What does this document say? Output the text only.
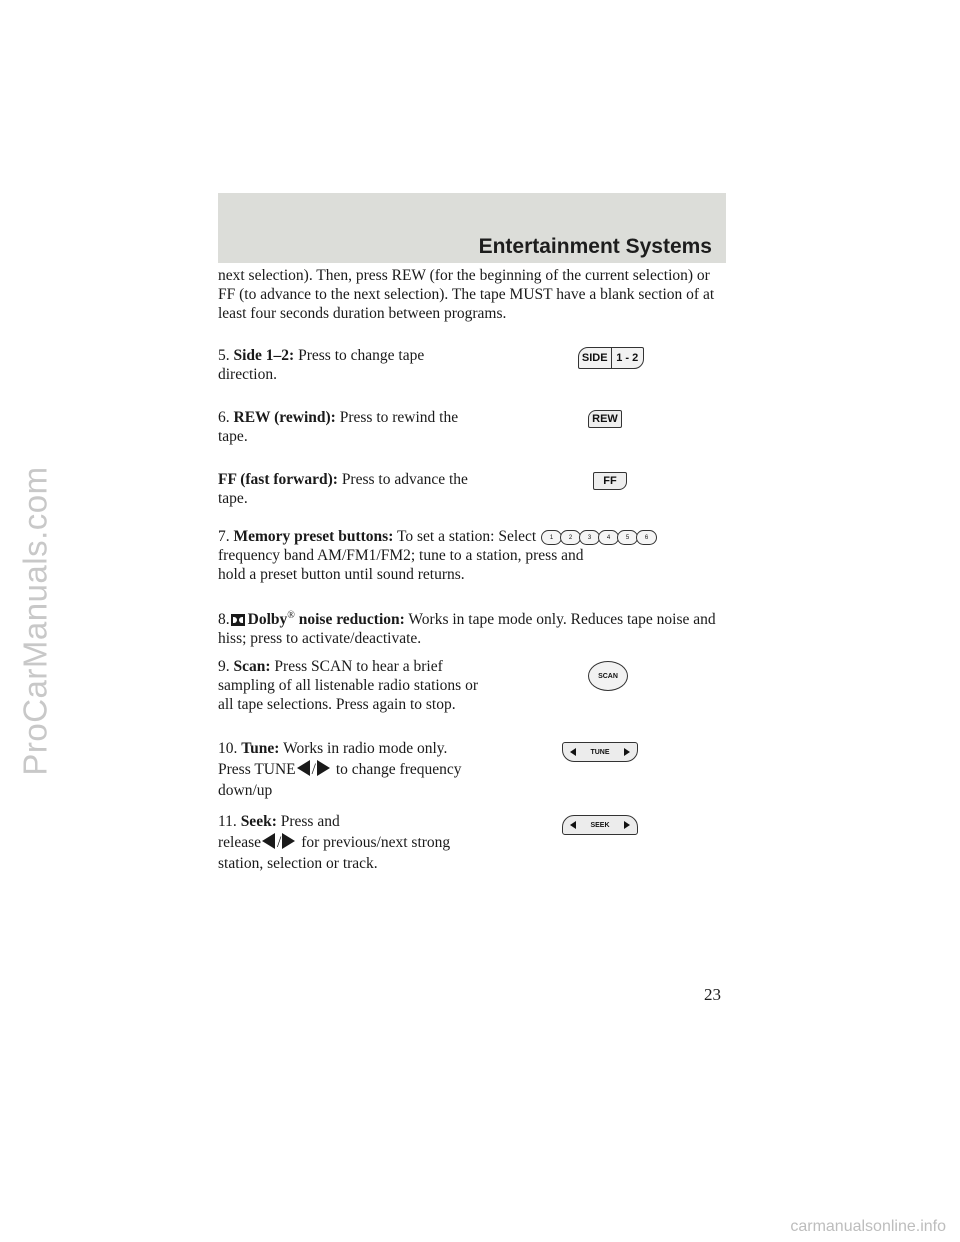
Entertainment Systems
ProCarManuals.com

next selection). Then, press REW (for the beginning of the current selection) or FF (to advance to the next selection). The tape MUST have a blank section of at least four seconds duration between programs.

5. Side 1–2: Press to change tape direction.
SIDE 1 - 2
6. REW (rewind): Press to rewind the tape.
REW
FF (fast forward): Press to advance the tape.
FF
7. Memory preset buttons: To set a station: Select frequency band AM/FM1/FM2; tune to a station, press and hold a preset button until sound returns.
1	2	3	4	5	6
8. Dolby® noise reduction: Works in tape mode only. Reduces tape noise and hiss; press to activate/deactivate.
9. Scan: Press SCAN to hear a brief sampling of all listenable radio stations or all tape selections. Press again to stop.
SCAN
10. Tune: Works in radio mode only.
Press TUNE / to change frequency down/up
TUNE
11. Seek: Press and
release / for previous/next strong station, selection or track.
SEEK
23
carmanualsonline.info
